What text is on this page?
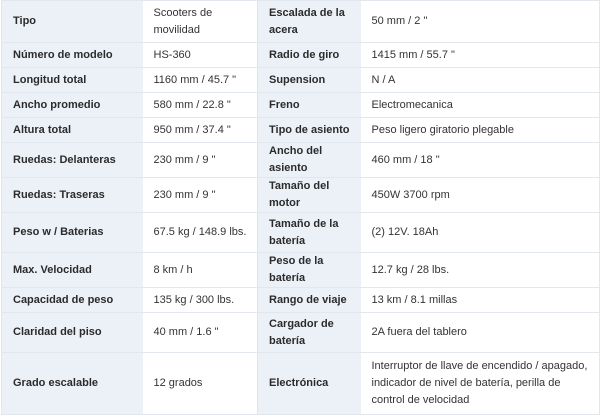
Tipo	Scooters de movilidad	Escalada de la acera	50 mm / 2 "
Número de modelo	HS-360	Radio de giro	1415 mm / 55.7 "
Longitud total	1160 mm / 45.7 "	Supension	N / A
Ancho promedio	580 mm / 22.8 "	Freno	Electromecanica
Altura total	950 mm / 37.4 "	Tipo de asiento	Peso ligero giratorio plegable
Ruedas: Delanteras	230 mm / 9 "	Ancho del asiento	460 mm / 18 "
Ruedas: Traseras	230 mm / 9 "	Tamaño del motor	450W 3700 rpm
Peso w / Baterias	67.5 kg / 148.9 lbs.	Tamaño de la batería	(2) 12V. 18Ah
Max. Velocidad	8 km / h	Peso de la batería	12.7 kg / 28 lbs.
Capacidad de peso	135 kg / 300 lbs.	Rango de viaje	13 km / 8.1 millas
Claridad del piso	40 mm / 1.6 "	Cargador de batería	2A fuera del tablero
Grado escalable	12 grados	Electrónica	Interruptor de llave de encendido / apagado, indicador de nivel de batería, perilla de control de velocidad
